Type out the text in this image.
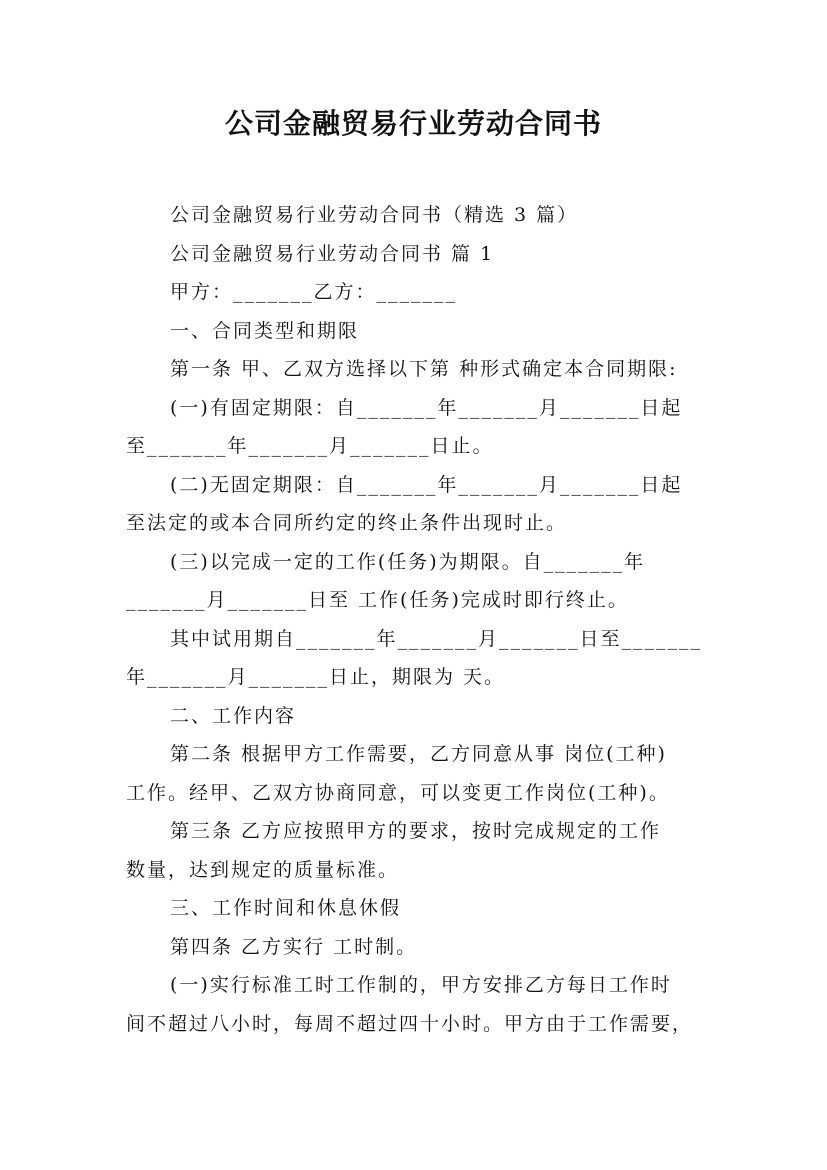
公司金融贸易行业劳动合同书

公司金融贸易行业劳动合同书（精选 3 篇）

公司金融贸易行业劳动合同书 篇 1

甲方：_______乙方：_______

一、合同类型和期限

第一条 甲、乙双方选择以下第 种形式确定本合同期限:

(一)有固定期限：自_______年_______月_______日起

至_______年_______月_______日止。

(二)无固定期限：自_______年_______月_______日起

至法定的或本合同所约定的终止条件出现时止。

(三)以完成一定的工作(任务)为期限。自_______年

_______月_______日至 工作(任务)完成时即行终止。

其中试用期自_______年_______月_______日至_______

年_______月_______日止，期限为 天。

二、工作内容

第二条 根据甲方工作需要，乙方同意从事 岗位(工种)

工作。经甲、乙双方协商同意，可以变更工作岗位(工种)。

第三条 乙方应按照甲方的要求，按时完成规定的工作

数量，达到规定的质量标准。

三、工作时间和休息休假

第四条 乙方实行 工时制。

(一)实行标准工时工作制的，甲方安排乙方每日工作时

间不超过八小时，每周不超过四十小时。甲方由于工作需要，
